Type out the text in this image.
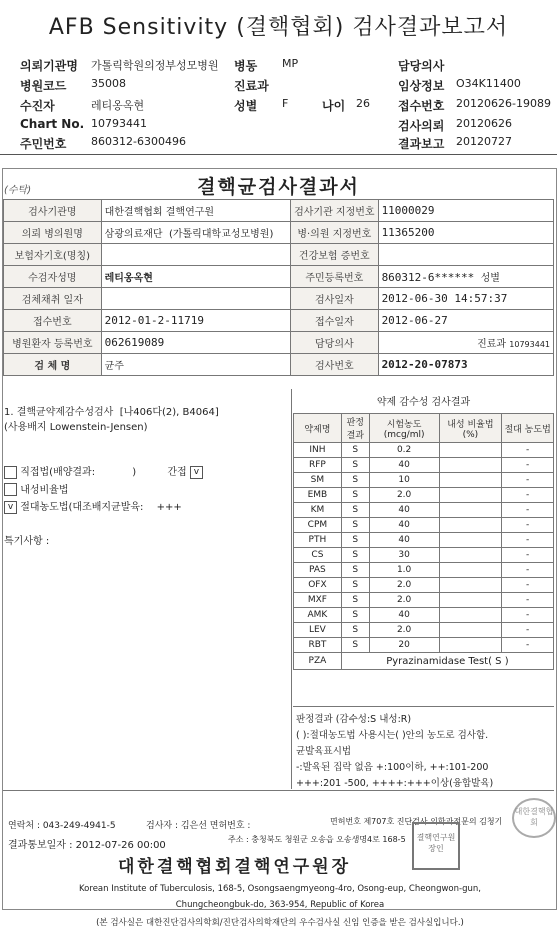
AFB Sensitivity (결핵협회) 검사결과보고서
의뢰기관명 가톨릭학원의정부성모병원 병동 MP	담당의사
병원코드 35008	진료과	임상정보 O34K11400
수진자	레티옹옥현	성별 F	나이 26 접수번호 20120626-19089
Chart No. 10793441	검사의뢰 20120626
주민번호 860312-6300496	결과보고 20120727
(수탁)	결핵균검사결과서
검사기관명	대한결핵협회 결핵연구원	검사기관 지정번호	11000029
의뢰 병의원명	삼광의료재단 (가톨릭대학교성모병원)	병·의원 지정번호	11365200
보험자기호(명칭)		건강보험 증번호	
수검자성명	레티옹옥현	주민등록번호	860312-6****** 성별
검체채취 일자		검사일자	2012-06-30 14:57:37
접수번호	2012-01-2-11719	접수일자	2012-06-27
병원환자 등록번호	062619089	담당의사	진료과 10793441
검 체 명	균주	검사번호	2012-20-07873
1. 결핵균약제감수성검사 [나406다(2), B4064]
(사용배지 Lowenstein-Jensen)
직접법(배양결과:	)	간접 v
내성비율법
v 절대농도법(대조배지균발육: +++
특기사항 :
약제 감수성 검사결과
약제명	판정 결과	시험농도 (mcg/ml)	내성 비율법(%)	절대 농도법
INH	S	0.2		-
RFP	S	40		-
SM	S	10		-
EMB	S	2.0		-
KM	S	40		-
CPM	S	40		-
PTH	S	40		-
CS	S	30		-
PAS	S	1.0		-
OFX	S	2.0		-
MXF	S	2.0		-
AMK	S	40		-
LEV	S	2.0		-
RBT	S	20		-
PZA	Pyrazinamidase Test( S )			
판정결과 (감수성:S 내성:R)
( ):절대농도법 사용시는( )안의 농도로 검사함.
균발육표시법
-:발육된 집락 없음 +:100이하, ++:101-200
+++:201 -500, ++++:+++이상(융합발육)
연락처 : 043-249-4941-5	검사자 : 김은선 면허번호 :	면허번호 제707호 진단검사 의학과전문의 김청기
결과통보일자 : 2012-07-26 00:00
주소 : 충청북도 청원군 오송읍 오송생명4로 168-5
대한결핵협회결핵연구원장
Korean Institute of Tuberculosis, 168-5, Osongsaengmyeong-4ro, Osong-eup, Cheongwon-gun,
Chungcheongbuk-do, 363-954, Republic of Korea
(본 검사실은 대한진단검사의학회/진단검사의학재단의 우수검사실 신임 인증을 받은 검사실입니다.)
대한결핵협회
결핵연구원장인
